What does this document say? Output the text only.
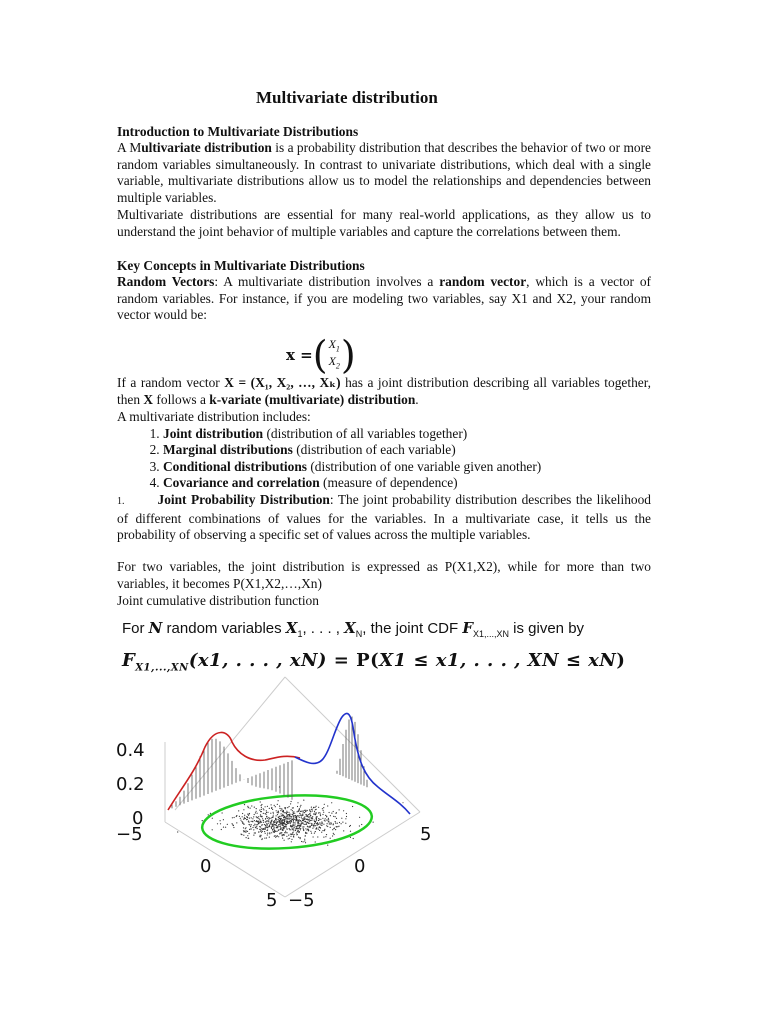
Multivariate distribution
Introduction to Multivariate Distributions
A Multivariate distribution is a probability distribution that describes the behavior of two or more random variables simultaneously. In contrast to univariate distributions, which deal with a single variable, multivariate distributions allow us to model the relationships and dependencies between multiple variables.
Multivariate distributions are essential for many real-world applications, as they allow us to understand the joint behavior of multiple variables and capture the correlations between them.
Key Concepts in Multivariate Distributions
Random Vectors: A multivariate distribution involves a random vector, which is a vector of random variables. For instance, if you are modeling two variables, say X1 and X2, your random vector would be:
x = ( $X_1$
$X_2$ )
If a random vector X = (X₁, X₂, …, Xₖ) has a joint distribution describing all variables together, then X follows a k-variate (multivariate) distribution.
A multivariate distribution includes:
1. Joint distribution (distribution of all variables together)
2. Marginal distributions (distribution of each variable)
3. Conditional distributions (distribution of one variable given another)
4. Covariance and correlation (measure of dependence)
1. Joint Probability Distribution: The joint probability distribution describes the likelihood of different combinations of values for the variables. In a multivariate case, it tells us the probability of observing a specific set of values across the multiple variables.
For two variables, the joint distribution is expressed as P(X1,X2), while for more than two variables, it becomes P(X1,X2,…,Xn)
Joint cumulative distribution function
For N random variables $X_1$, . . . , $X_N$, the joint CDF $F_{X1,...,XN}$ is given by
$F_{X1,...,XN}(x1$, . . . , xN) = P(X1 ≤ x1, . . . , XN ≤ xN)
0.4
0.2
0
−5
0
5
5
0
−5
